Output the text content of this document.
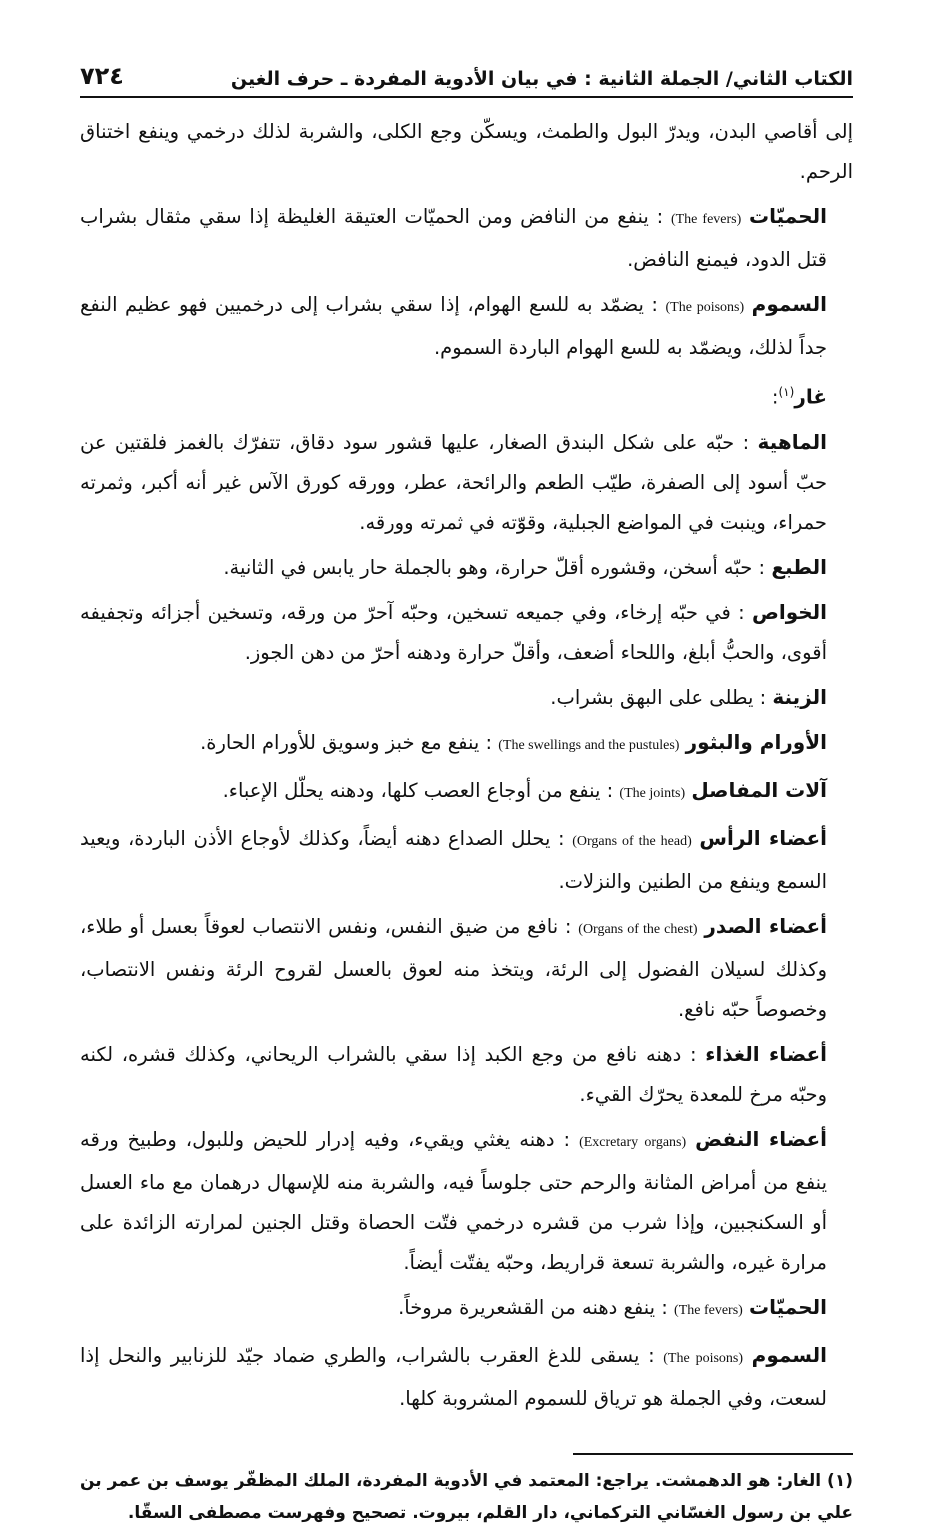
الكتاب الثاني/ الجملة الثانية : في بيان الأدوية المفردة ـ حرف الغين
٧٢٤

إلى أقاصي البدن، ويدرّ البول والطمث، ويسكّن وجع الكلى، والشربة لذلك درخمي وينفع اختناق الرحم.

الحميّات (The fevers) : ينفع من النافض ومن الحميّات العتيقة الغليظة إذا سقي مثقال بشراب قتل الدود، فيمنع النافض.

السموم (The poisons) : يضمّد به للسع الهوام، إذا سقي بشراب إلى درخميين فهو عظيم النفع جداً لذلك، ويضمّد به للسع الهوام الباردة السموم.

غار$^{(١)}$:

الماهية : حبّه على شكل البندق الصغار، عليها قشور سود دقاق، تتفرّك بالغمز فلقتين عن حبّ أسود إلى الصفرة، طيّب الطعم والرائحة، عطر، وورقه كورق الآس غير أنه أكبر، وثمرته حمراء، وينبت في المواضع الجبلية، وقوّته في ثمرته وورقه.

الطبع : حبّه أسخن، وقشوره أقلّ حرارة، وهو بالجملة حار يابس في الثانية.

الخواص : في حبّه إرخاء، وفي جميعه تسخين، وحبّه آحرّ من ورقه، وتسخين أجزائه وتجفيفه أقوى، والحبُّ أبلغ، واللحاء أضعف، وأقلّ حرارة ودهنه أحرّ من دهن الجوز.

الزينة : يطلى على البهق بشراب.

الأورام والبثور (The swellings and the pustules) : ينفع مع خبز وسويق للأورام الحارة.

آلات المفاصل (The joints) : ينفع من أوجاع العصب كلها، ودهنه يحلّل الإعباء.

أعضاء الرأس (Organs of the head) : يحلل الصداع دهنه أيضاً، وكذلك لأوجاع الأذن الباردة، ويعيد السمع وينفع من الطنين والنزلات.

أعضاء الصدر (Organs of the chest) : نافع من ضيق النفس، ونفس الانتصاب لعوقاً بعسل أو طلاء، وكذلك لسيلان الفضول إلى الرئة، ويتخذ منه لعوق بالعسل لقروح الرئة ونفس الانتصاب، وخصوصاً حبّه نافع.

أعضاء الغذاء : دهنه نافع من وجع الكبد إذا سقي بالشراب الريحاني، وكذلك قشره، لكنه وحبّه مرخ للمعدة يحرّك القيء.

أعضاء النفض (Excretary organs) : دهنه يغثي ويقيء، وفيه إدرار للحيض وللبول، وطبيخ ورقه ينفع من أمراض المثانة والرحم حتى جلوساً فيه، والشربة منه للإسهال درهمان مع ماء العسل أو السكنجبين، وإذا شرب من قشره درخمي فتّت الحصاة وقتل الجنين لمرارته الزائدة على مرارة غيره، والشربة تسعة قراريط، وحبّه يفتّت أيضاً.

الحميّات (The fevers) : ينفع دهنه من القشعريرة مروخاً.

السموم (The poisons) : يسقى للدغ العقرب بالشراب، والطري ضماد جيّد للزنابير والنحل إذا لسعت، وفي الجملة هو ترياق للسموم المشروبة كلها.

(١) الغار: هو الدهمشت. يراجع: المعتمد في الأدوية المفردة، الملك المظفّر يوسف بن عمر بن علي بن رسول الغسّاني التركماني، دار القلم، بيروت. تصحيح وفهرست مصطفى السقّا.
